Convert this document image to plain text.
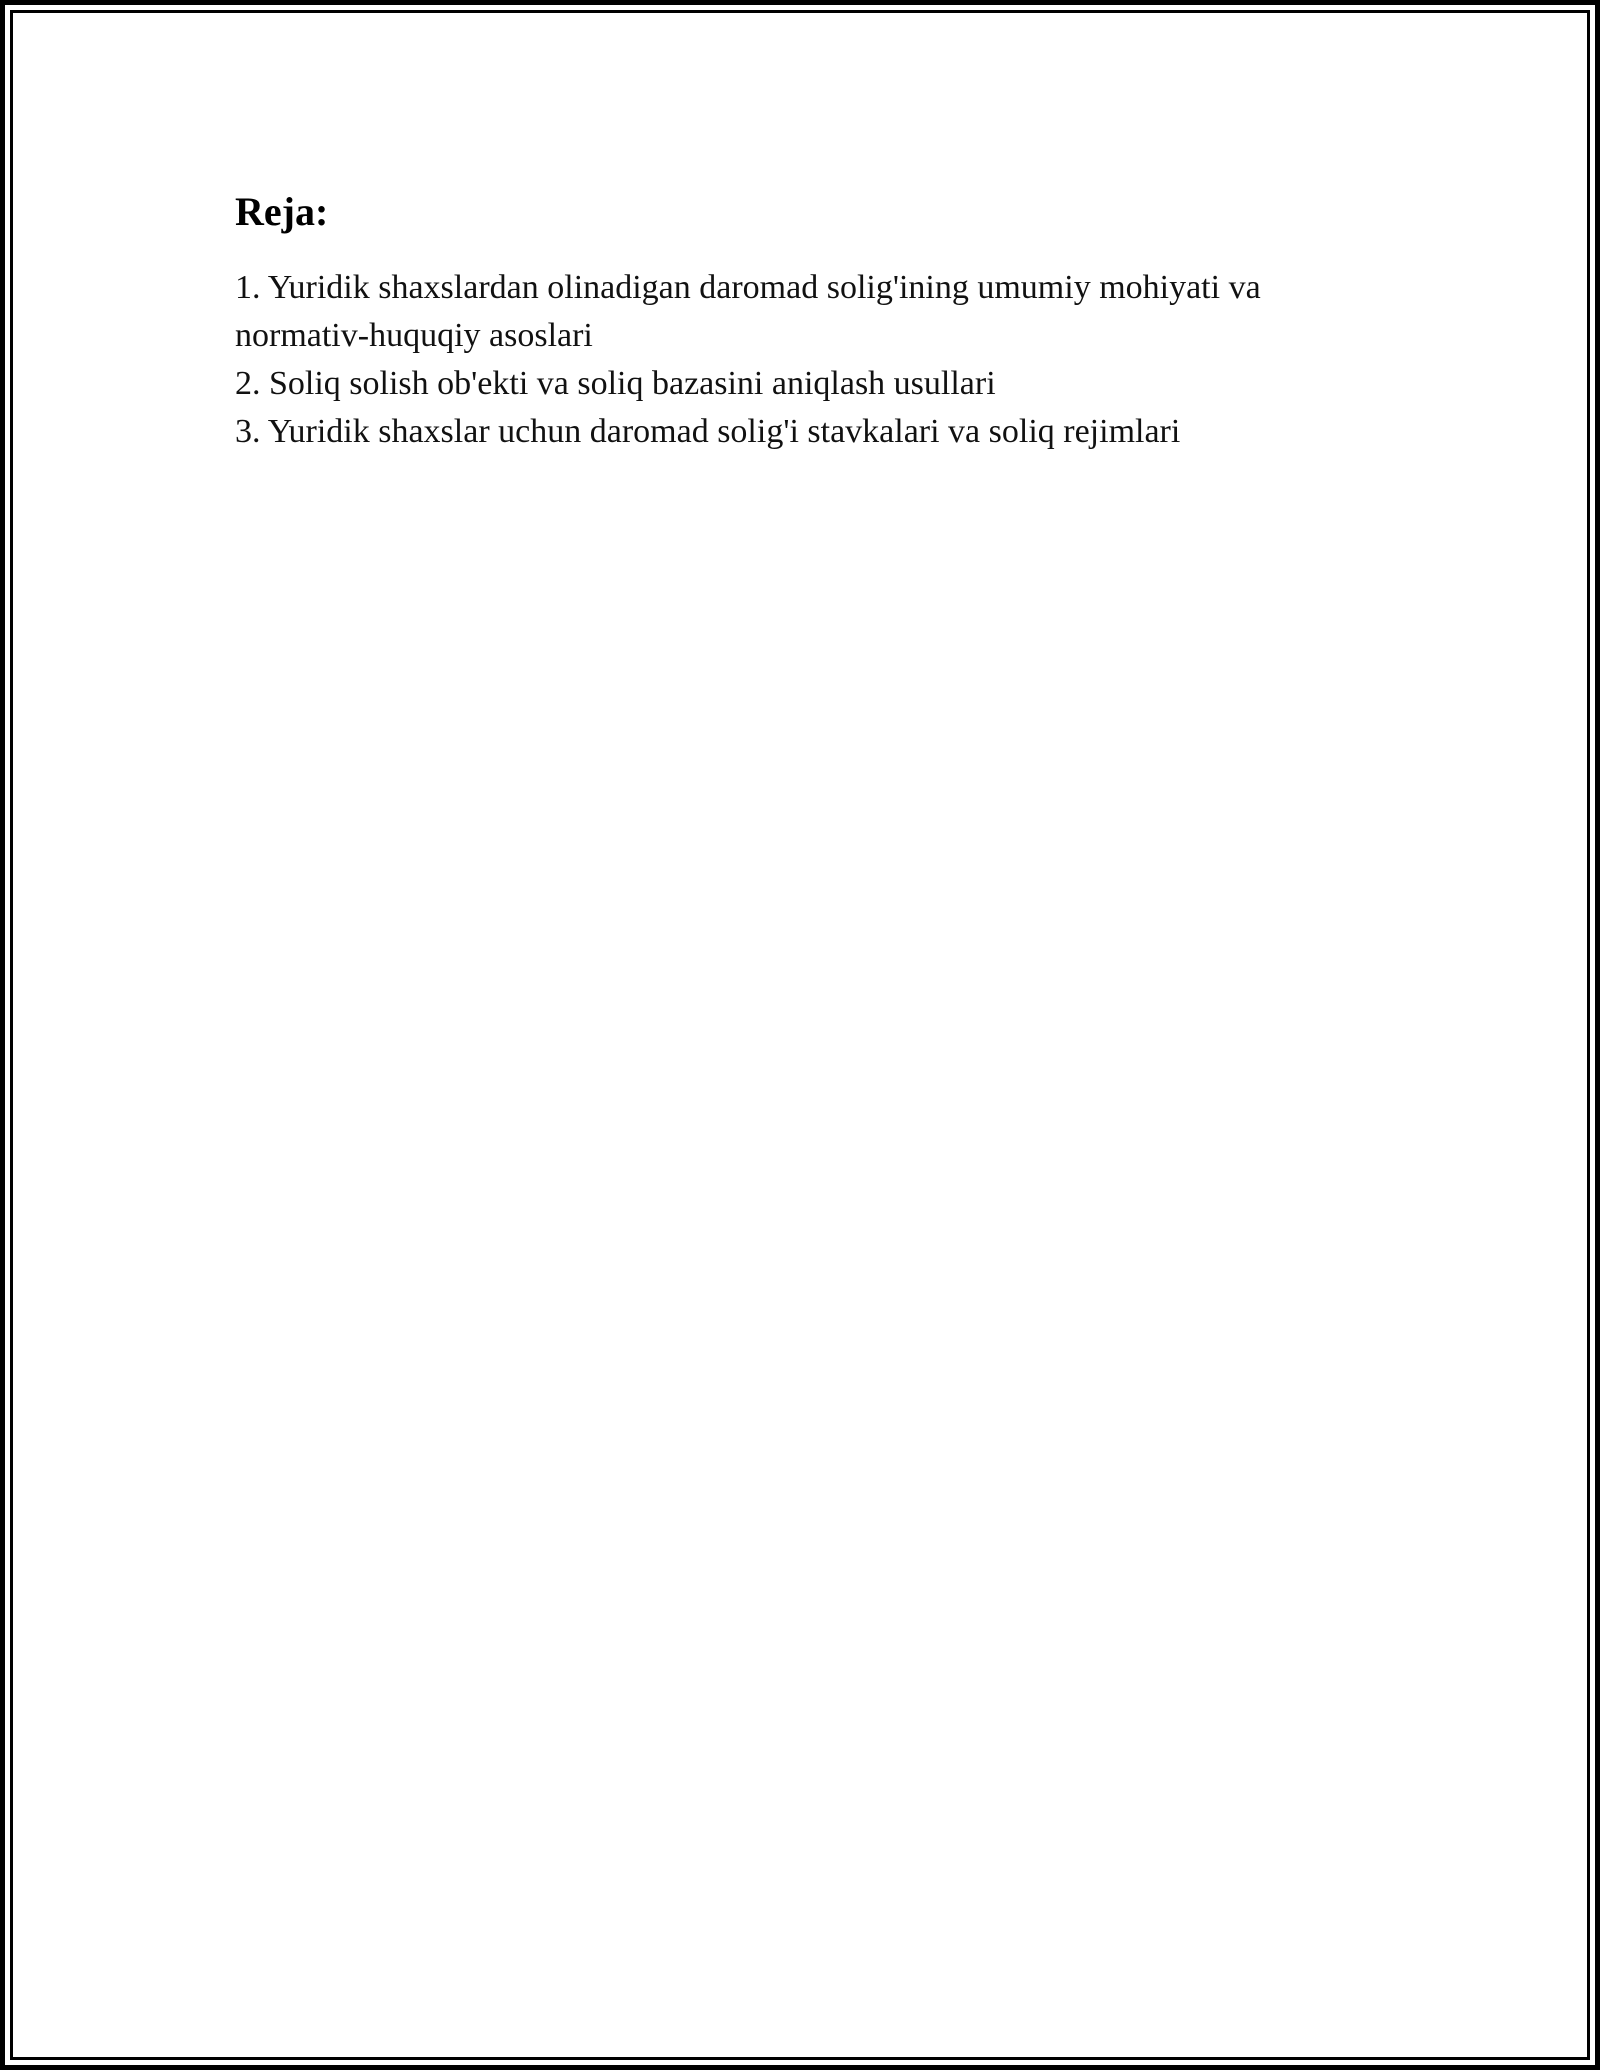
Reja:
1. Yuridik shaxslardan olinadigan daromad solig'ining umumiy mohiyati va normativ-huquqiy asoslari
2. Soliq solish ob'ekti va soliq bazasini aniqlash usullari
3. Yuridik shaxslar uchun daromad solig'i stavkalari va soliq rejimlari
